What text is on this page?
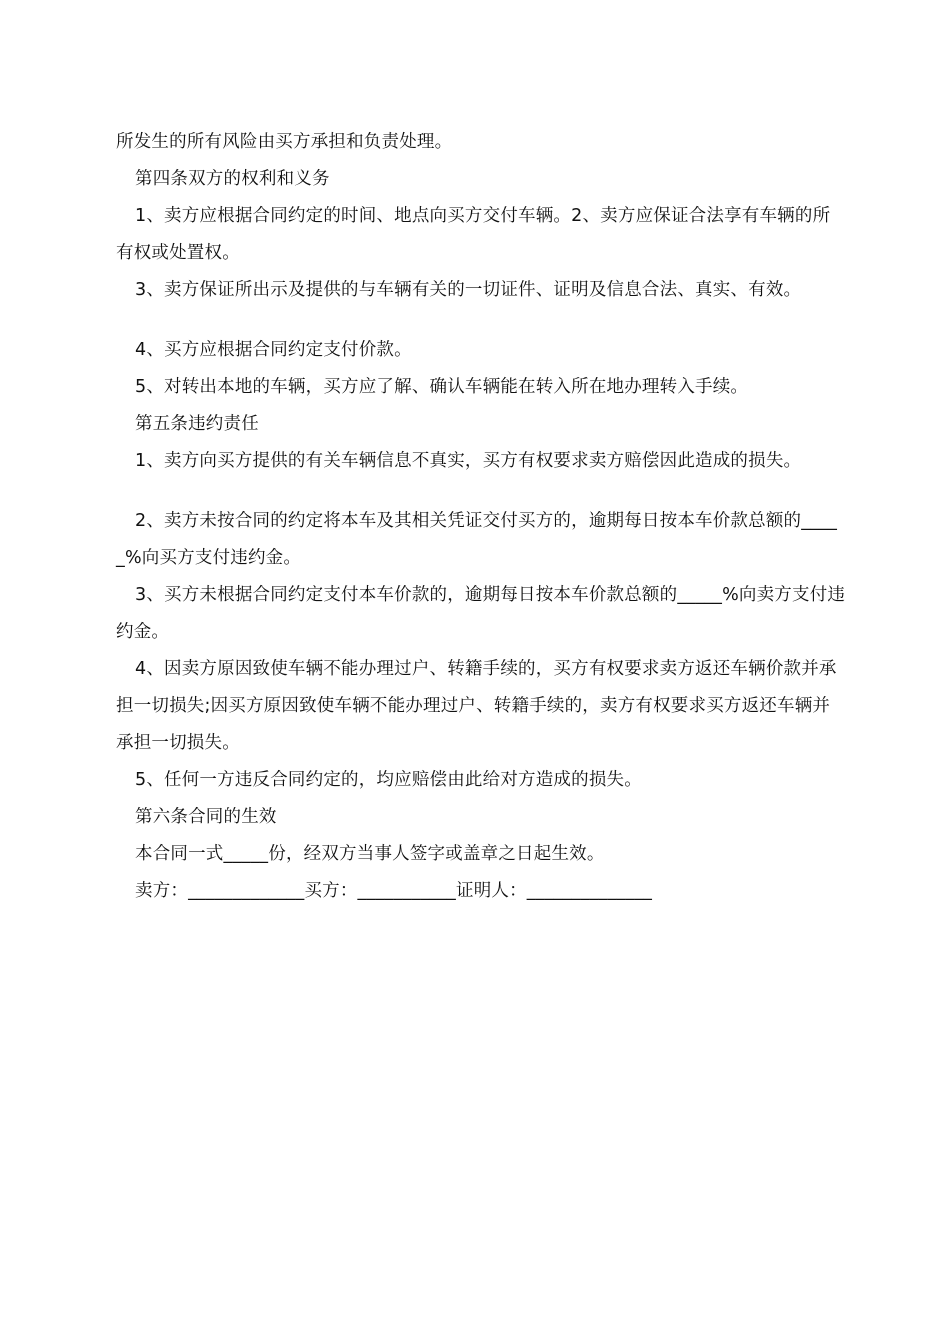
所发生的所有风险由买方承担和负责处理。

第四条双方的权利和义务

1、卖方应根据合同约定的时间、地点向买方交付车辆。2、卖方应保证合法享有车辆的所有权或处置权。

3、卖方保证所出示及提供的与车辆有关的一切证件、证明及信息合法、真实、有效。

4、买方应根据合同约定支付价款。

5、对转出本地的车辆，买方应了解、确认车辆能在转入所在地办理转入手续。

第五条违约责任

1、卖方向买方提供的有关车辆信息不真实，买方有权要求卖方赔偿因此造成的损失。

2、卖方未按合同的约定将本车及其相关凭证交付买方的，逾期每日按本车价款总额的_____%向买方支付违约金。

3、买方未根据合同约定支付本车价款的，逾期每日按本车价款总额的_____%向卖方支付违约金。

4、因卖方原因致使车辆不能办理过户、转籍手续的，买方有权要求卖方返还车辆价款并承担一切损失;因买方原因致使车辆不能办理过户、转籍手续的，卖方有权要求买方返还车辆并承担一切损失。

5、任何一方违反合同约定的，均应赔偿由此给对方造成的损失。

第六条合同的生效

本合同一式_____份，经双方当事人签字或盖章之日起生效。

卖方：_____________买方：___________证明人：______________
